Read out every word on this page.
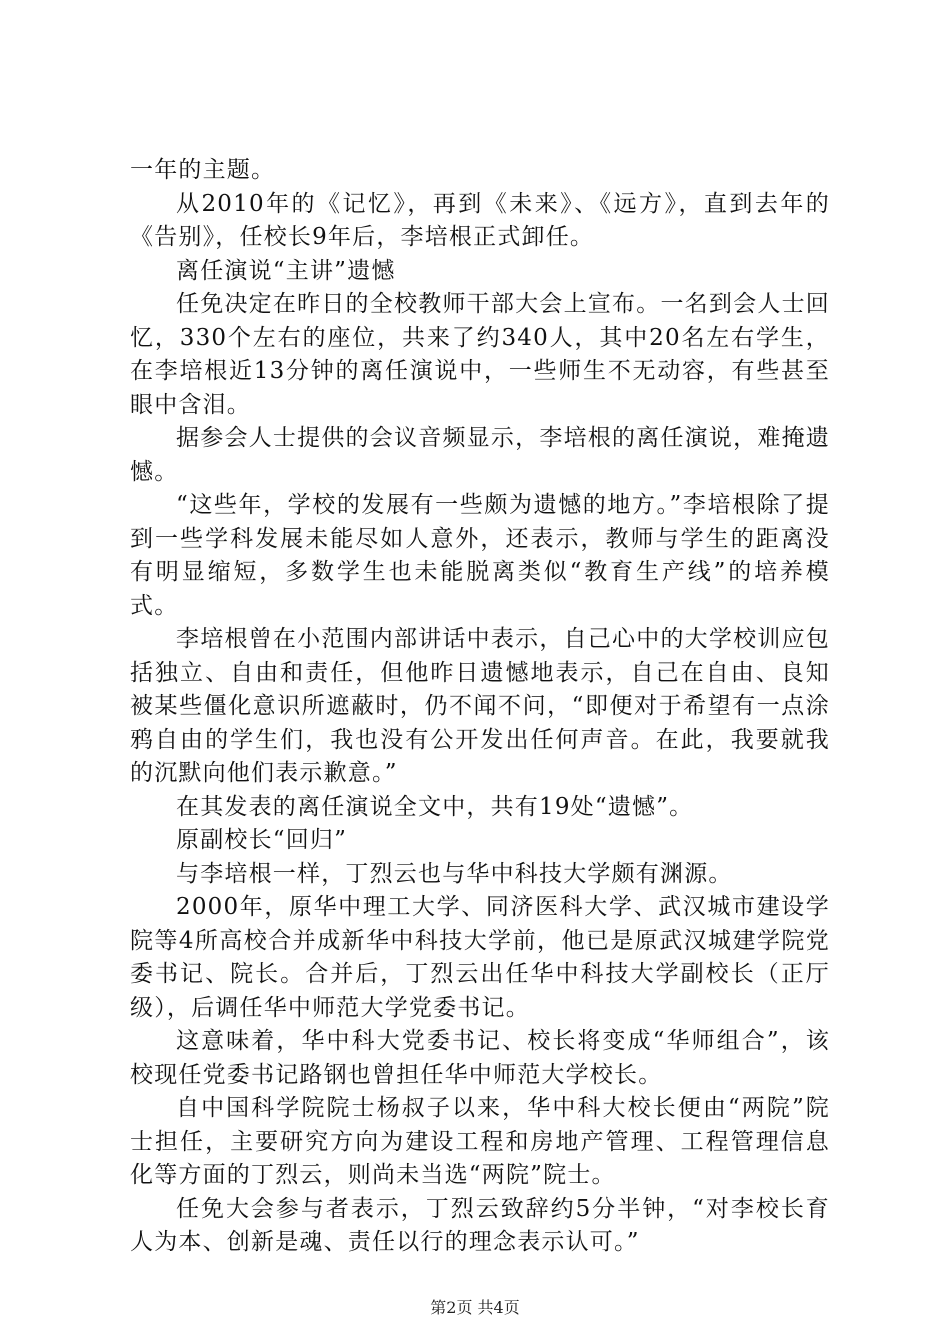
一年的主题。

从2010年的《记忆》，再到《未来》、《远方》，直到去年的《告别》，任校长9年后，李培根正式卸任。

离任演说“主讲”遗憾

任免决定在昨日的全校教师干部大会上宣布。一名到会人士回忆，330个左右的座位，共来了约340人，其中20名左右学生，在李培根近13分钟的离任演说中，一些师生不无动容，有些甚至眼中含泪。

据参会人士提供的会议音频显示，李培根的离任演说，难掩遗憾。

“这些年，学校的发展有一些颇为遗憾的地方。”李培根除了提到一些学科发展未能尽如人意外，还表示，教师与学生的距离没有明显缩短，多数学生也未能脱离类似“教育生产线”的培养模式。

李培根曾在小范围内部讲话中表示，自己心中的大学校训应包括独立、自由和责任，但他昨日遗憾地表示，自己在自由、良知被某些僵化意识所遮蔽时，仍不闻不问，“即便对于希望有一点涂鸦自由的学生们，我也没有公开发出任何声音。在此，我要就我的沉默向他们表示歉意。”

在其发表的离任演说全文中，共有19处“遗憾”。

原副校长“回归”

与李培根一样，丁烈云也与华中科技大学颇有渊源。

2000年，原华中理工大学、同济医科大学、武汉城市建设学院等4所高校合并成新华中科技大学前，他已是原武汉城建学院党委书记、院长。合并后，丁烈云出任华中科技大学副校长（正厅级），后调任华中师范大学党委书记。

这意味着，华中科大党委书记、校长将变成“华师组合”，该校现任党委书记路钢也曾担任华中师范大学校长。

自中国科学院院士杨叔子以来，华中科大校长便由“两院”院士担任，主要研究方向为建设工程和房地产管理、工程管理信息化等方面的丁烈云，则尚未当选“两院”院士。

任免大会参与者表示，丁烈云致辞约5分半钟，“对李校长育人为本、创新是魂、责任以行的理念表示认可。”

第2页 共4页
